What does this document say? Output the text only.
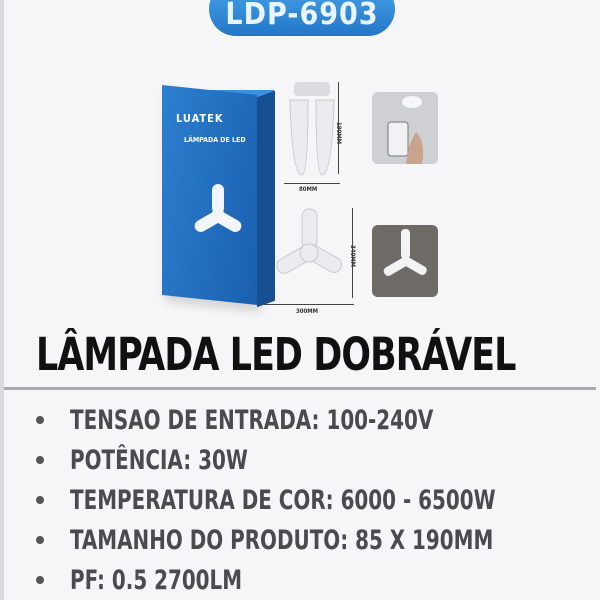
LDP-6903
LUATEK
LÂMPADA DE LED	190MM
80MM
340MM
300MM
LÂMPADA LED DOBRÁVEL
TENSAO DE ENTRADA: 100-240V
POTÊNCIA: 30W
TEMPERATURA DE COR: 6000 - 6500W
TAMANHO DO PRODUTO: 85 X 190MM
PF: 0.5 2700LM
